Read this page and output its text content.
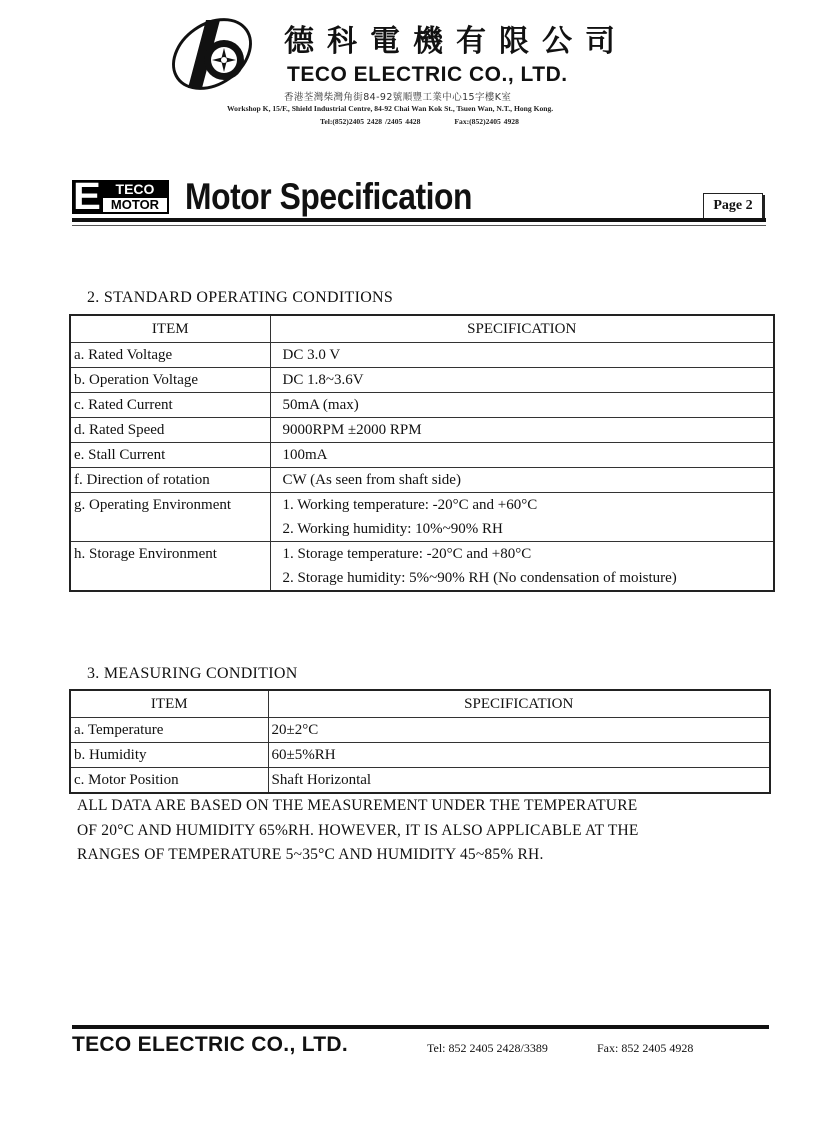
德科電機有限公司
TECO ELECTRIC CO., LTD.
香港荃灣柴灣角街84-92號順豐工業中心15字樓K室
Workshop K, 15/F., Shield Industrial Centre, 84-92 Chai Wan Kok St., Tsuen Wan, N.T., Hong Kong.
Tel:(852)2405 2428 /2405 4428	Fax:(852)2405 4928
E	TECO
MOTOR Motor Specification	Page 2
2. STANDARD OPERATING CONDITIONS
ITEM	SPECIFICATION
a. Rated Voltage	DC 3.0 V
b. Operation Voltage	DC 1.8~3.6V
c. Rated Current	50mA (max)
d. Rated Speed	9000RPM ±2000 RPM
e. Stall Current	100mA
f. Direction of rotation	CW (As seen from shaft side)
g. Operating Environment	1. Working temperature: -20°C and +60°C
2. Working humidity: 10%~90% RH

h. Storage Environment	1. Storage temperature: -20°C and +80°C
2. Storage humidity: 5%~90% RH (No condensation of moisture)
3. MEASURING CONDITION
ITEM	SPECIFICATION
a. Temperature	20±2°C
b. Humidity	60±5%RH
c. Motor Position	Shaft Horizontal
ALL DATA ARE BASED ON THE MEASUREMENT UNDER THE TEMPERATURE
OF 20°C AND HUMIDITY 65%RH. HOWEVER, IT IS ALSO APPLICABLE AT THE
RANGES OF TEMPERATURE 5~35°C AND HUMIDITY 45~85% RH.
TECO ELECTRIC CO., LTD.	Tel: 852 2405 2428/3389	Fax: 852 2405 4928
